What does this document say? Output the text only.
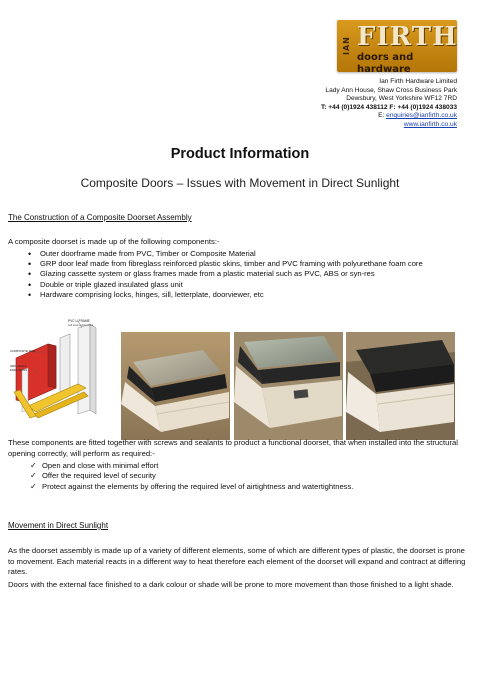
IAN FIRTH
doors and hardware
Ian Firth Hardware Limited
Lady Ann House, Shaw Cross Business Park
Dewsbury, West Yorkshire WF12 7RD
T: +44 (0)1924 438112 F: +44 (0)1924 438033
E: enquiries@ianfirth.co.uk
www.ianfirth.co.uk
Product Information
Composite Doors – Issues with Movement in Direct Sunlight
The Construction of a Composite Doorset Assembly
A composite doorset is made up of the following components:-
• Outer doorframe made from PVC, Timber or Composite Material
• GRP door leaf made from fibreglass reinforced plastic skins, timber and PVC framing with polyurethane foam core
• Glazing cassette system or glass frames made from a plastic material such as PVC, ABS or syn-res
• Double or triple glazed insulated glass unit
• Hardware comprising locks, hinges, sill, letterplate, doorviewer, etc
PVC U FRAME
with steel reinforcement
COMPOSITE RAIL
GRP HIGH &
ENDS SKINS
These components are fitted together with screws and sealants to product a functional doorset, that when installed into the structural opening correctly, will perform as required:-
✓ Open and close with minimal effort
✓ Offer the required level of security
✓ Protect against the elements by offering the required level of airtightness and watertightness.
Movement in Direct Sunlight
As the doorset assembly is made up of a variety of different elements, some of which are different types of plastic, the doorset is prone to movement. Each material reacts in a different way to heat therefore each element of the doorset will expand and contract at differing rates.
Doors with the external face finished to a dark colour or shade will be prone to more movement than those finished to a light shade.
